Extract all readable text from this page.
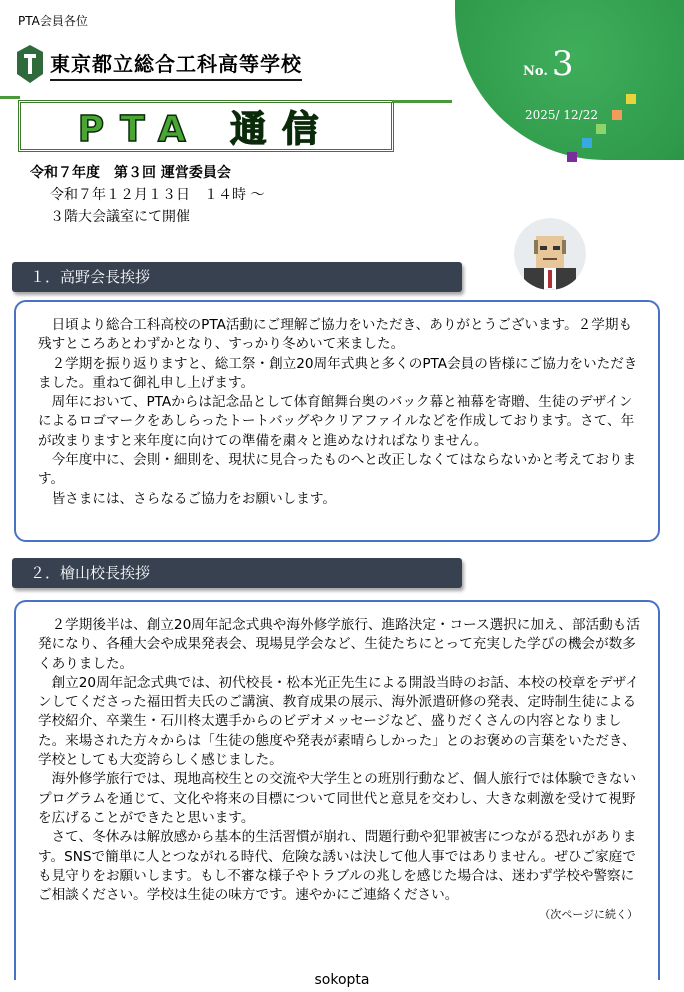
PTA会員各位
東京都立総合工科高等学校
PTA 通信
No. 3
2025/ 12/22
令和７年度　第３回 運営委員会
令和７年１２月１３日　１４時 ～
３階大会議室にて開催
１．高野会長挨拶

日頃より総合工科高校のPTA活動にご理解ご協力をいただき、ありがとうございます。２学期も残すところあとわずかとなり、すっかり冬めいて来ました。

２学期を振り返りますと、総工祭・創立20周年式典と多くのPTA会員の皆様にご協力をいただきました。重ねて御礼申し上げます。

周年において、PTAからは記念品として体育館舞台奥のバック幕と袖幕を寄贈、生徒のデザインによるロゴマークをあしらったトートバッグやクリアファイルなどを作成しております。さて、年が改まりますと来年度に向けての準備を粛々と進めなければなりません。

今年度中に、会則・細則を、現状に見合ったものへと改正しなくてはならないかと考えております。

皆さまには、さらなるご協力をお願いします。

２．檜山校長挨拶

２学期後半は、創立20周年記念式典や海外修学旅行、進路決定・コース選択に加え、部活動も活発になり、各種大会や成果発表会、現場見学会など、生徒たちにとって充実した学びの機会が数多くありました。

創立20周年記念式典では、初代校長・松本光正先生による開設当時のお話、本校の校章をデザインしてくださった福田哲夫氏のご講演、教育成果の展示、海外派遣研修の発表、定時制生徒による学校紹介、卒業生・石川柊太選手からのビデオメッセージなど、盛りだくさんの内容となりました。来場された方々からは「生徒の態度や発表が素晴らしかった」とのお褒めの言葉をいただき、学校としても大変誇らしく感じました。

海外修学旅行では、現地高校生との交流や大学生との班別行動など、個人旅行では体験できないプログラムを通じて、文化や将来の目標について同世代と意見を交わし、大きな刺激を受けて視野を広げることができたと思います。

さて、冬休みは解放感から基本的生活習慣が崩れ、問題行動や犯罪被害につながる恐れがあります。SNSで簡単に人とつながれる時代、危険な誘いは決して他人事ではありません。ぜひご家庭でも見守りをお願いします。もし不審な様子やトラブルの兆しを感じた場合は、迷わず学校や警察にご相談ください。学校は生徒の味方です。速やかにご連絡ください。

（次ページに続く）

sokopta
